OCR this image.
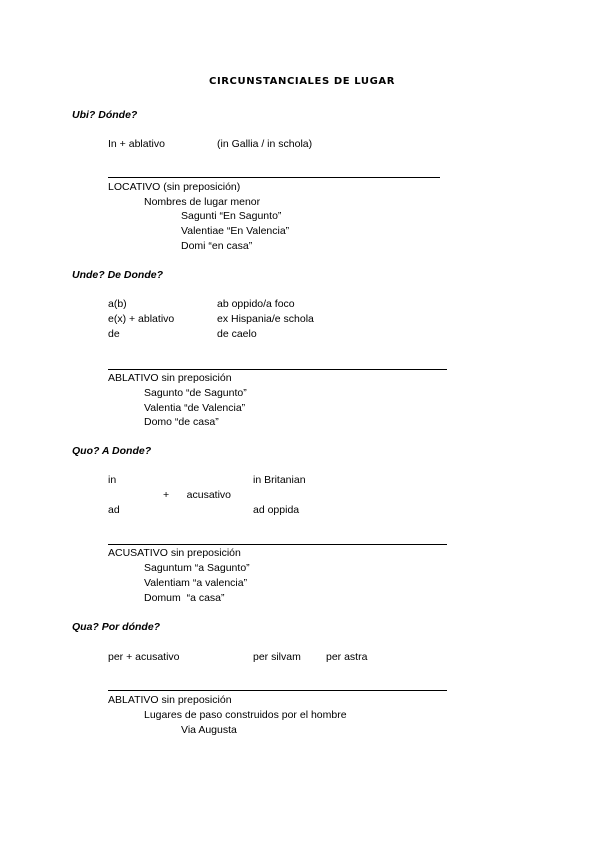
CIRCUNSTANCIALES DE LUGAR
Ubi? Dónde?
In + ablativo	(in Gallia / in schola)
LOCATIVO (sin preposición)
Nombres de lugar menor
Sagunti “En Sagunto”
Valentiae “En Valencia”
Domi “en casa”
Unde? De Donde?
a(b)	ab oppido/a foco
e(x) + ablativo	ex Hispania/e schola
de	de caelo
ABLATIVO sin preposición
Sagunto “de Sagunto”
Valentia “de Valencia”
Domo “de casa”
Quo? A Donde?
in	in Britanian
+      acusativo
ad	ad oppida
ACUSATIVO sin preposición
Saguntum “a Sagunto”
Valentiam “a valencia”
Domum  “a casa”
Qua? Por dónde?
per + acusativo	per silvam per astra
ABLATIVO sin preposición
Lugares de paso construidos por el hombre
Via Augusta
